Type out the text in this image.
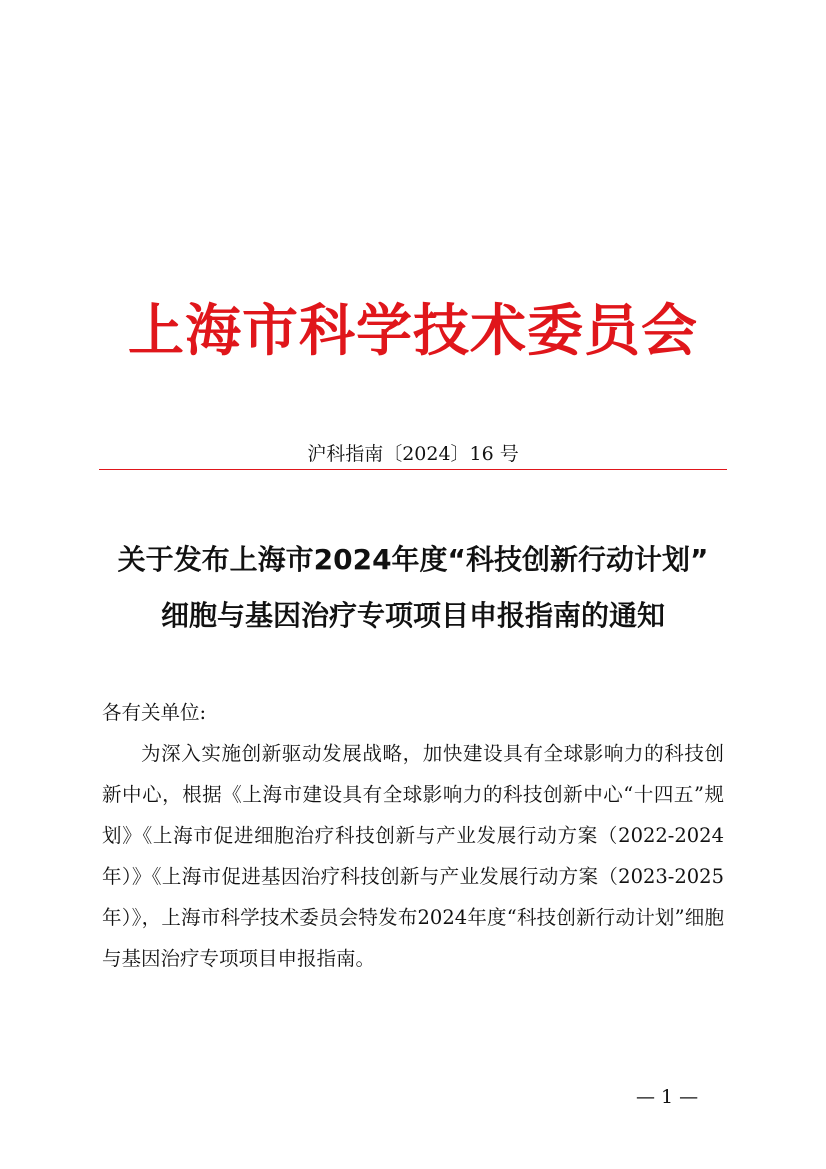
上海市科学技术委员会
沪科指南〔2024〕16 号
关于发布上海市2024年度“科技创新行动计划”
细胞与基因治疗专项项目申报指南的通知

各有关单位:

为深入实施创新驱动发展战略，加快建设具有全球影响力的科技创新中心，根据《上海市建设具有全球影响力的科技创新中心“十四五”规划》《上海市促进细胞治疗科技创新与产业发展行动方案（2022-2024年）》《上海市促进基因治疗科技创新与产业发展行动方案（2023-2025年）》，上海市科学技术委员会特发布2024年度“科技创新行动计划”细胞与基因治疗专项项目申报指南。

— 1 —
